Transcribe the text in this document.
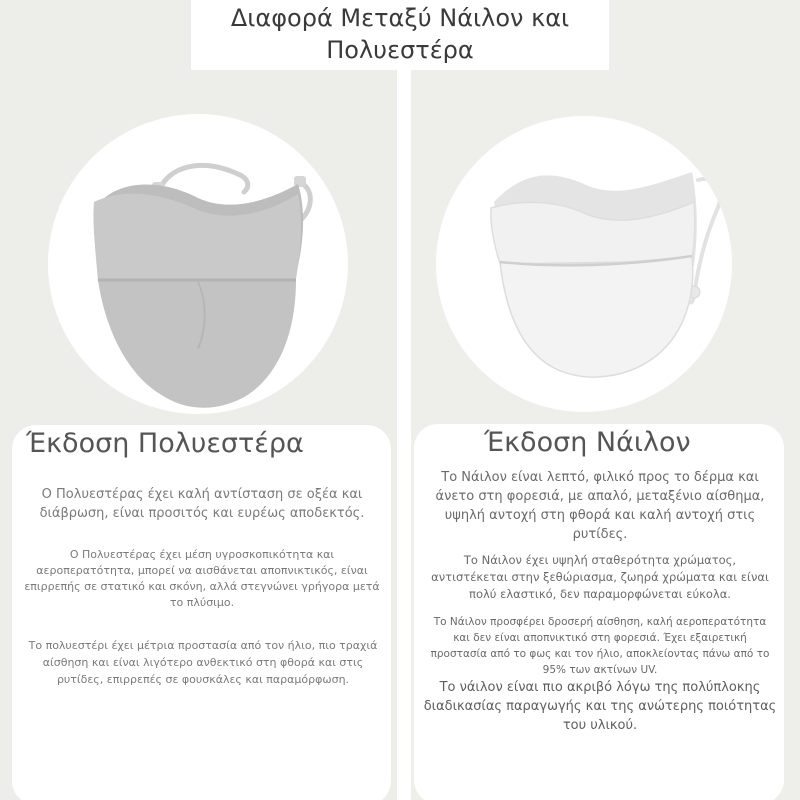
Διαφορά Μεταξύ Νάιλον και
Πολυεστέρα
Έκδοση Πολυεστέρα
Ο Πολυεστέρας έχει καλή αντίσταση σε οξέα και διάβρωση, είναι προσιτός και ευρέως αποδεκτός.
Ο Πολυεστέρας έχει μέση υγροσκοπικότητα και αεροπερατότητα, μπορεί να αισθάνεται αποπνικτικός, είναι επιρρεπής σε στατικό και σκόνη, αλλά στεγνώνει γρήγορα μετά το πλύσιμο.
Το πολυεστέρι έχει μέτρια προστασία από τον ήλιο, πιο τραχιά αίσθηση και είναι λιγότερο ανθεκτικό στη φθορά και στις ρυτίδες, επιρρεπές σε φουσκάλες και παραμόρφωση.
Έκδοση Νάιλον
Το Νάιλον είναι λεπτό, φιλικό προς το δέρμα και άνετο στη φορεσιά, με απαλό, μεταξένιο αίσθημα, υψηλή αντοχή στη φθορά και καλή αντοχή στις ρυτίδες.
Το Νάιλον έχει υψηλή σταθερότητα χρώματος, αντιστέκεται στην ξεθώριασμα, ζωηρά χρώματα και είναι πολύ ελαστικό, δεν παραμορφώνεται εύκολα.
Το Νάιλον προσφέρει δροσερή αίσθηση, καλή αεροπερατότητα και δεν είναι αποπνικτικό στη φορεσιά. Έχει εξαιρετική προστασία από το φως και τον ήλιο, αποκλείοντας πάνω από το 95% των ακτίνων UV.
Το νάιλον είναι πιο ακριβό λόγω της πολύπλοκης διαδικασίας παραγωγής και της ανώτερης ποιότητας του υλικού.
